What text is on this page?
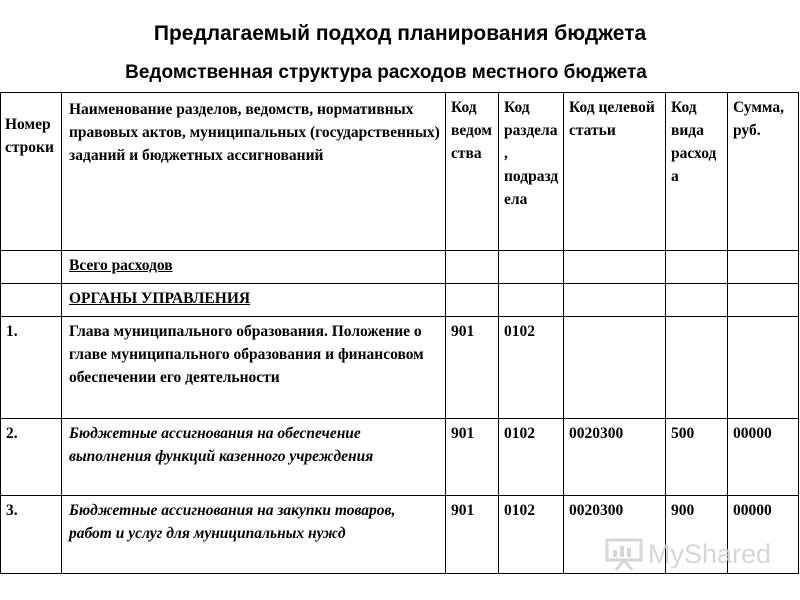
Предлагаемый подход планирования бюджета
Ведомственная структура расходов местного бюджета
Номер строки	Наименование разделов, ведомств, нормативных правовых актов, муниципальных (государственных) заданий и бюджетных ассигнований	Код ведомства	Код раздела, подраздела	Код целевой статьи	Код вида расхода	Сумма, руб.
	Всего расходов					
	ОРГАНЫ УПРАВЛЕНИЯ					
1.	Глава муниципального образования. Положение о главе муниципального образования и финансовом обеспечении его деятельности	901	0102			
2.	Бюджетные ассигнования на обеспечение выполнения функций казенного учреждения	901	0102	0020300	500	00000
3.	Бюджетные ассигнования на закупки товаров, работ и услуг для муниципальных нужд	901	0102	0020300	900	00000
MyShared
